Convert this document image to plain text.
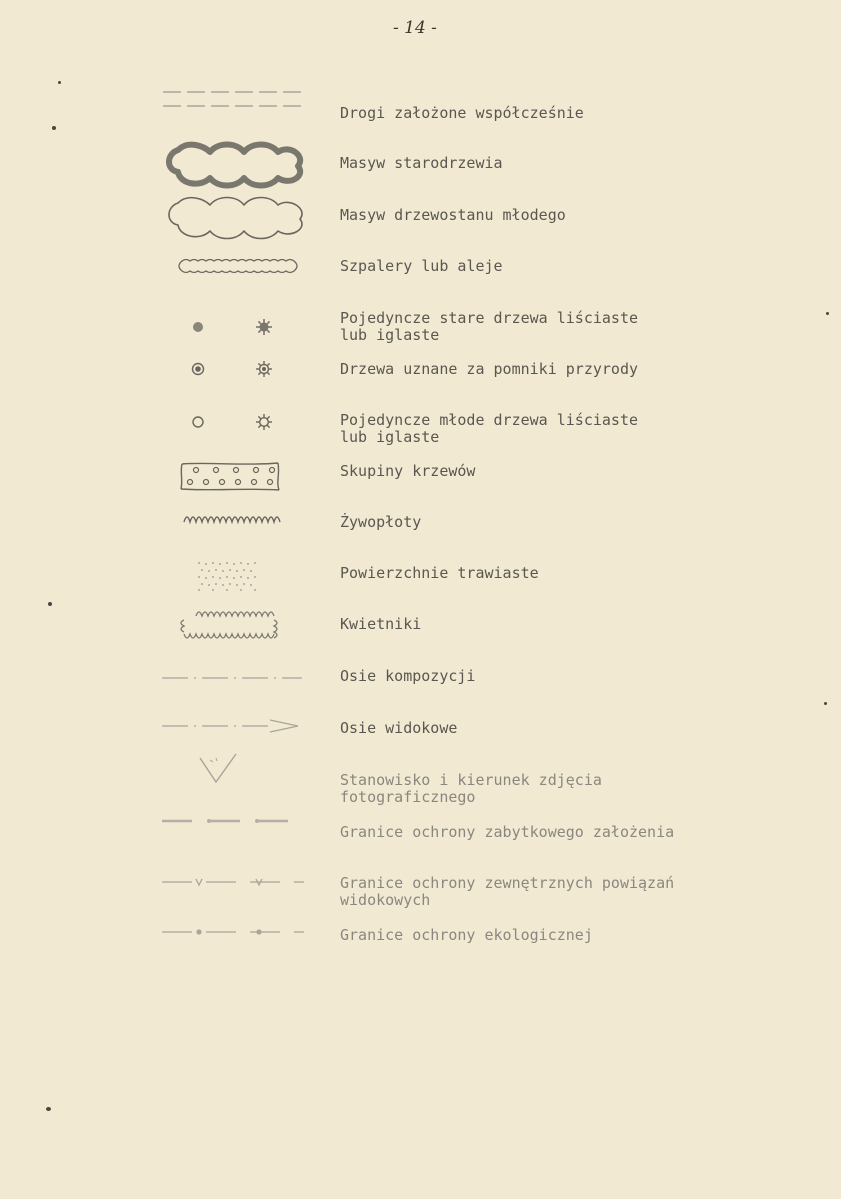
- 14 -
Drogi założone współcześnie
Masyw starodrzewia
Masyw drzewostanu młodego
Szpalery lub aleje
Pojedyncze stare drzewa liściaste
lub iglaste
Drzewa uznane za pomniki przyrody
Pojedyncze młode drzewa liściaste
lub iglaste
Skupiny krzewów
Żywopłoty
Powierzchnie trawiaste
Kwietniki
Osie kompozycji
Osie widokowe
Stanowisko i kierunek zdjęcia
fotograficznego
Granice ochrony zabytkowego założenia
Granice ochrony zewnętrznych powiązań
widokowych
Granice ochrony ekologicznej
